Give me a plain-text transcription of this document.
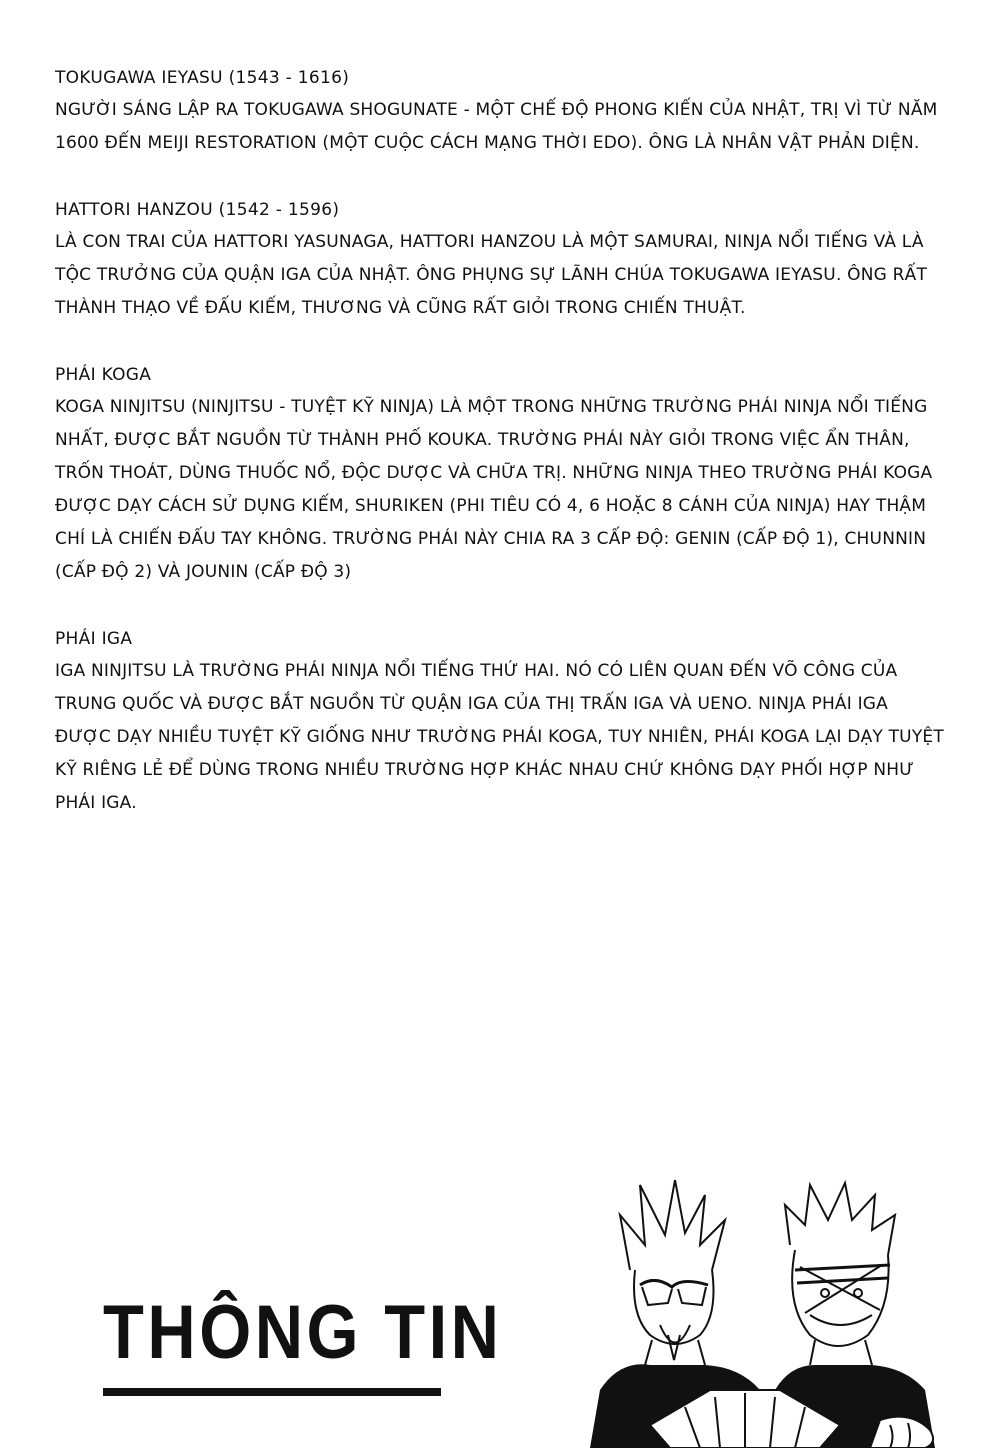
TOKUGAWA IEYASU (1543 - 1616)

NGƯỜI SÁNG LẬP RA TOKUGAWA SHOGUNATE - MỘT CHẾ ĐỘ PHONG KIẾN CỦA NHẬT, TRỊ VÌ TỪ NĂM 1600 ĐẾN MEIJI RESTORATION (MỘT CUỘC CÁCH MẠNG THỜI EDO). ÔNG LÀ NHÂN VẬT PHẢN DIỆN.

HATTORI HANZOU (1542 - 1596)

LÀ CON TRAI CỦA HATTORI YASUNAGA, HATTORI HANZOU LÀ MỘT SAMURAI, NINJA NỔI TIẾNG VÀ LÀ TỘC TRƯỞNG CỦA QUẬN IGA CỦA NHẬT. ÔNG PHỤNG SỰ LÃNH CHÚA TOKUGAWA IEYASU. ÔNG RẤT THÀNH THẠO VỀ ĐẤU KIẾM, THƯƠNG VÀ CŨNG RẤT GIỎI TRONG CHIẾN THUẬT.

PHÁI KOGA

KOGA NINJITSU (NINJITSU - TUYỆT KỸ NINJA) LÀ MỘT TRONG NHỮNG TRƯỜNG PHÁI NINJA NỔI TIẾNG NHẤT, ĐƯỢC BẮT NGUỒN TỪ THÀNH PHỐ KOUKA. TRƯỜNG PHÁI NÀY GIỎI TRONG VIỆC ẨN THÂN, TRỐN THOÁT, DÙNG THUỐC NỔ, ĐỘC DƯỢC VÀ CHỮA TRỊ. NHỮNG NINJA THEO TRƯỜNG PHÁI KOGA ĐƯỢC DẠY CÁCH SỬ DỤNG KIẾM, SHURIKEN (PHI TIÊU CÓ 4, 6 HOẶC 8 CÁNH CỦA NINJA) HAY THẬM CHÍ LÀ CHIẾN ĐẤU TAY KHÔNG. TRƯỜNG PHÁI NÀY CHIA RA 3 CẤP ĐỘ: GENIN (CẤP ĐỘ 1), CHUNNIN (CẤP ĐỘ 2) VÀ JOUNIN (CẤP ĐỘ 3)

PHÁI IGA

IGA NINJITSU LÀ TRƯỜNG PHÁI NINJA NỔI TIẾNG THỨ HAI. NÓ CÓ LIÊN QUAN ĐẾN VÕ CÔNG CỦA TRUNG QUỐC VÀ ĐƯỢC BẮT NGUỒN TỪ QUẬN IGA CỦA THỊ TRẤN IGA VÀ UENO. NINJA PHÁI IGA ĐƯỢC DẠY NHIỀU TUYỆT KỸ GIỐNG NHƯ TRƯỜNG PHÁI KOGA, TUY NHIÊN, PHÁI KOGA LẠI DẠY TUYỆT KỸ RIÊNG LẺ ĐỂ DÙNG TRONG NHIỀU TRƯỜNG HỢP KHÁC NHAU CHỨ KHÔNG DẠY PHỐI HỢP NHƯ PHÁI IGA.

THÔNG TIN
